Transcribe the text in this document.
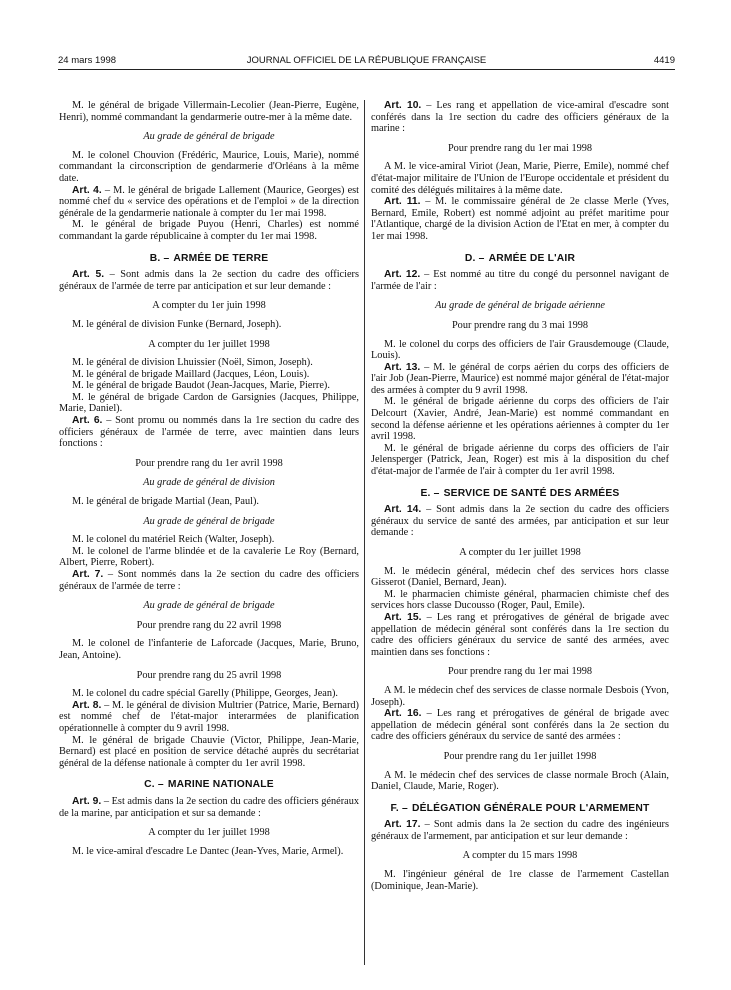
24 mars 1998	JOURNAL OFFICIEL DE LA RÉPUBLIQUE FRANÇAISE	4419

M. le général de brigade Villermain-Lecolier (Jean-Pierre, Eugène, Henri), nommé commandant la gendarmerie outre-mer à la même date.

Au grade de général de brigade

M. le colonel Chouvion (Frédéric, Maurice, Louis, Marie), nommé commandant la circonscription de gendarmerie d'Orléans à la même date.

Art. 4. – M. le général de brigade Lallement (Maurice, Georges) est nommé chef du « service des opérations et de l'emploi » de la direction générale de la gendarmerie nationale à compter du 1er mai 1998.

M. le général de brigade Puyou (Henri, Charles) est nommé commandant la garde républicaine à compter du 1er mai 1998.

B. – ARMÉE DE TERRE

Art. 5. – Sont admis dans la 2e section du cadre des officiers généraux de l'armée de terre par anticipation et sur leur demande :

A compter du 1er juin 1998

M. le général de division Funke (Bernard, Joseph).

A compter du 1er juillet 1998

M. le général de division Lhuissier (Noël, Simon, Joseph).

M. le général de brigade Maillard (Jacques, Léon, Louis).

M. le général de brigade Baudot (Jean-Jacques, Marie, Pierre).

M. le général de brigade Cardon de Garsignies (Jacques, Philippe, Marie, Daniel).

Art. 6. – Sont promu ou nommés dans la 1re section du cadre des officiers généraux de l'armée de terre, avec maintien dans leurs fonctions :

Pour prendre rang du 1er avril 1998

Au grade de général de division

M. le général de brigade Martial (Jean, Paul).

Au grade de général de brigade

M. le colonel du matériel Reich (Walter, Joseph).

M. le colonel de l'arme blindée et de la cavalerie Le Roy (Bernard, Albert, Pierre, Robert).

Art. 7. – Sont nommés dans la 2e section du cadre des officiers généraux de l'armée de terre :

Au grade de général de brigade

Pour prendre rang du 22 avril 1998

M. le colonel de l'infanterie de Laforcade (Jacques, Marie, Bruno, Jean, Antoine).

Pour prendre rang du 25 avril 1998

M. le colonel du cadre spécial Garelly (Philippe, Georges, Jean).

Art. 8. – M. le général de division Multrier (Patrice, Marie, Bernard) est nommé chef de l'état-major interarmées de planification opérationnelle à compter du 9 avril 1998.

M. le général de brigade Chauvie (Victor, Philippe, Jean-Marie, Bernard) est placé en position de service détaché auprès du secrétariat général de la défense nationale à compter du 1er avril 1998.

C. – MARINE NATIONALE

Art. 9. – Est admis dans la 2e section du cadre des officiers généraux de la marine, par anticipation et sur sa demande :

A compter du 1er juillet 1998

M. le vice-amiral d'escadre Le Dantec (Jean-Yves, Marie, Armel).

Art. 10. – Les rang et appellation de vice-amiral d'escadre sont conférés dans la 1re section du cadre des officiers généraux de la marine :

Pour prendre rang du 1er mai 1998

A M. le vice-amiral Viriot (Jean, Marie, Pierre, Emile), nommé chef d'état-major militaire de l'Union de l'Europe occidentale et président du comité des délégués militaires à la même date.

Art. 11. – M. le commissaire général de 2e classe Merle (Yves, Bernard, Emile, Robert) est nommé adjoint au préfet maritime pour l'Atlantique, chargé de la division Action de l'Etat en mer, à compter du 1er mai 1998.

D. – ARMÉE DE L'AIR

Art. 12. – Est nommé au titre du congé du personnel navigant de l'armée de l'air :

Au grade de général de brigade aérienne

Pour prendre rang du 3 mai 1998

M. le colonel du corps des officiers de l'air Grausdemouge (Claude, Louis).

Art. 13. – M. le général de corps aérien du corps des officiers de l'air Job (Jean-Pierre, Maurice) est nommé major général de l'état-major des armées à compter du 9 avril 1998.

M. le général de brigade aérienne du corps des officiers de l'air Delcourt (Xavier, André, Jean-Marie) est nommé commandant en second la défense aérienne et les opérations aériennes à compter du 1er avril 1998.

M. le général de brigade aérienne du corps des officiers de l'air Jelensperger (Patrick, Jean, Roger) est mis à la disposition du chef d'état-major de l'armée de l'air à compter du 1er avril 1998.

E. – SERVICE DE SANTÉ DES ARMÉES

Art. 14. – Sont admis dans la 2e section du cadre des officiers généraux du service de santé des armées, par anticipation et sur leur demande :

A compter du 1er juillet 1998

M. le médecin général, médecin chef des services hors classe Gisserot (Daniel, Bernard, Jean).

M. le pharmacien chimiste général, pharmacien chimiste chef des services hors classe Ducousso (Roger, Paul, Emile).

Art. 15. – Les rang et prérogatives de général de brigade avec appellation de médecin général sont conférés dans la 1re section du cadre des officiers généraux du service de santé des armées, avec maintien dans ses fonctions :

Pour prendre rang du 1er mai 1998

A M. le médecin chef des services de classe normale Desbois (Yvon, Joseph).

Art. 16. – Les rang et prérogatives de général de brigade avec appellation de médecin général sont conférés dans la 2e section du cadre des officiers généraux du service de santé des armées :

Pour prendre rang du 1er juillet 1998

A M. le médecin chef des services de classe normale Broch (Alain, Daniel, Claude, Marie, Roger).

F. – DÉLÉGATION GÉNÉRALE POUR L'ARMEMENT

Art. 17. – Sont admis dans la 2e section du cadre des ingénieurs généraux de l'armement, par anticipation et sur leur demande :

A compter du 15 mars 1998

M. l'ingénieur général de 1re classe de l'armement Castellan (Dominique, Jean-Marie).
